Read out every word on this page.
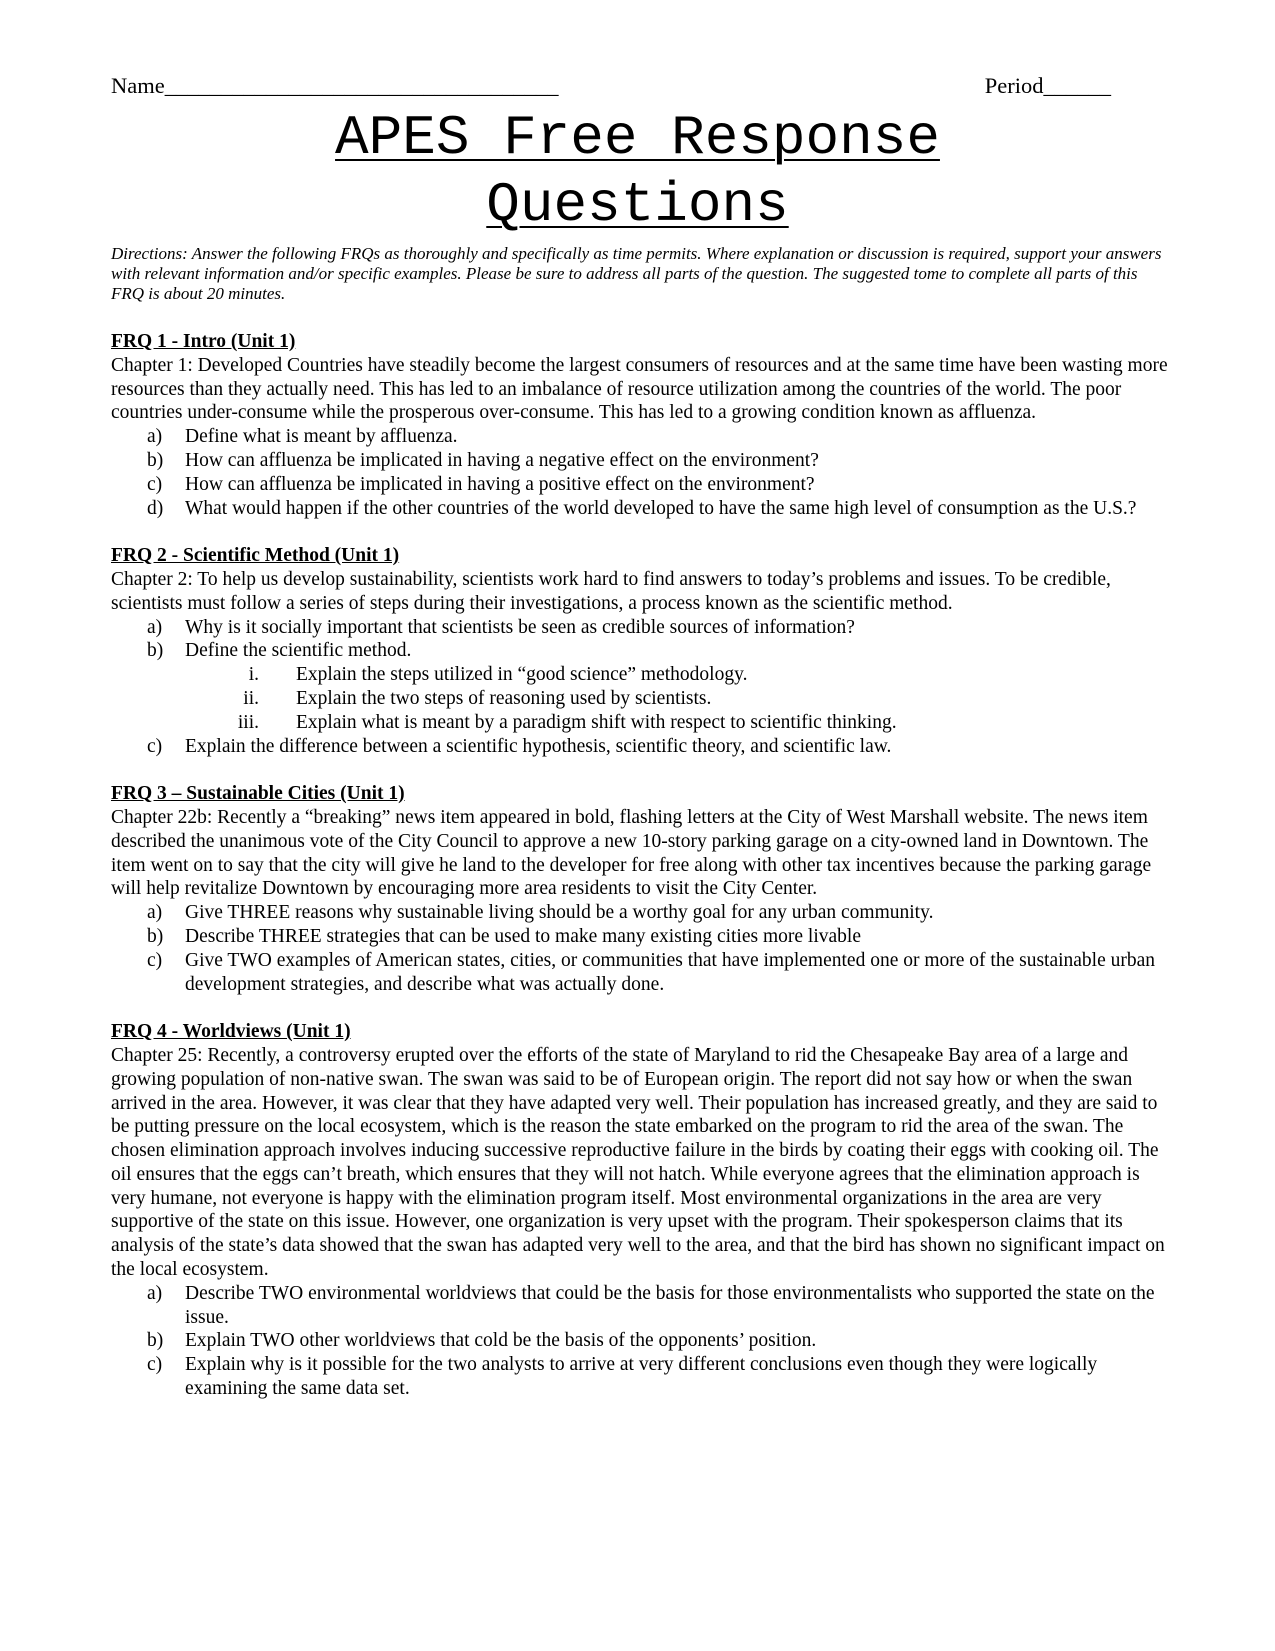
Name___________________________________	Period______
APES Free Response
Questions
Directions: Answer the following FRQs as thoroughly and specifically as time permits. Where explanation or discussion is required, support your answers with relevant information and/or specific examples. Please be sure to address all parts of the question. The suggested tome to complete all parts of this FRQ is about 20 minutes.
FRQ 1 - Intro (Unit 1)
Chapter 1: Developed Countries have steadily become the largest consumers of resources and at the same time have been wasting more resources than they actually need. This has led to an imbalance of resource utilization among the countries of the world. The poor countries under-consume while the prosperous over-consume. This has led to a growing condition known as affluenza.
a) Define what is meant by affluenza.
b) How can affluenza be implicated in having a negative effect on the environment?
c) How can affluenza be implicated in having a positive effect on the environment?
d) What would happen if the other countries of the world developed to have the same high level of consumption as the U.S.?
FRQ 2 - Scientific Method (Unit 1)
Chapter 2: To help us develop sustainability, scientists work hard to find answers to today’s problems and issues. To be credible, scientists must follow a series of steps during their investigations, a process known as the scientific method.
a) Why is it socially important that scientists be seen as credible sources of information?
b) Define the scientific method.
i. Explain the steps utilized in “good science” methodology.
ii. Explain the two steps of reasoning used by scientists.
iii. Explain what is meant by a paradigm shift with respect to scientific thinking.
c) Explain the difference between a scientific hypothesis, scientific theory, and scientific law.
FRQ 3 – Sustainable Cities (Unit 1)
Chapter 22b: Recently a “breaking” news item appeared in bold, flashing letters at the City of West Marshall website. The news item described the unanimous vote of the City Council to approve a new 10-story parking garage on a city-owned land in Downtown. The item went on to say that the city will give he land to the developer for free along with other tax incentives because the parking garage will help revitalize Downtown by encouraging more area residents to visit the City Center.
a) Give THREE reasons why sustainable living should be a worthy goal for any urban community.
b) Describe THREE strategies that can be used to make many existing cities more livable
c) Give TWO examples of American states, cities, or communities that have implemented one or more of the sustainable urban development strategies, and describe what was actually done.
FRQ 4 - Worldviews (Unit 1)
Chapter 25: Recently, a controversy erupted over the efforts of the state of Maryland to rid the Chesapeake Bay area of a large and growing population of non-native swan. The swan was said to be of European origin. The report did not say how or when the swan arrived in the area. However, it was clear that they have adapted very well. Their population has increased greatly, and they are said to be putting pressure on the local ecosystem, which is the reason the state embarked on the program to rid the area of the swan. The chosen elimination approach involves inducing successive reproductive failure in the birds by coating their eggs with cooking oil. The oil ensures that the eggs can’t breath, which ensures that they will not hatch. While everyone agrees that the elimination approach is very humane, not everyone is happy with the elimination program itself. Most environmental organizations in the area are very supportive of the state on this issue. However, one organization is very upset with the program. Their spokesperson claims that its analysis of the state’s data showed that the swan has adapted very well to the area, and that the bird has shown no significant impact on the local ecosystem.
a) Describe TWO environmental worldviews that could be the basis for those environmentalists who supported the state on the issue.
b) Explain TWO other worldviews that cold be the basis of the opponents’ position.
c) Explain why is it possible for the two analysts to arrive at very different conclusions even though they were logically examining the same data set.
